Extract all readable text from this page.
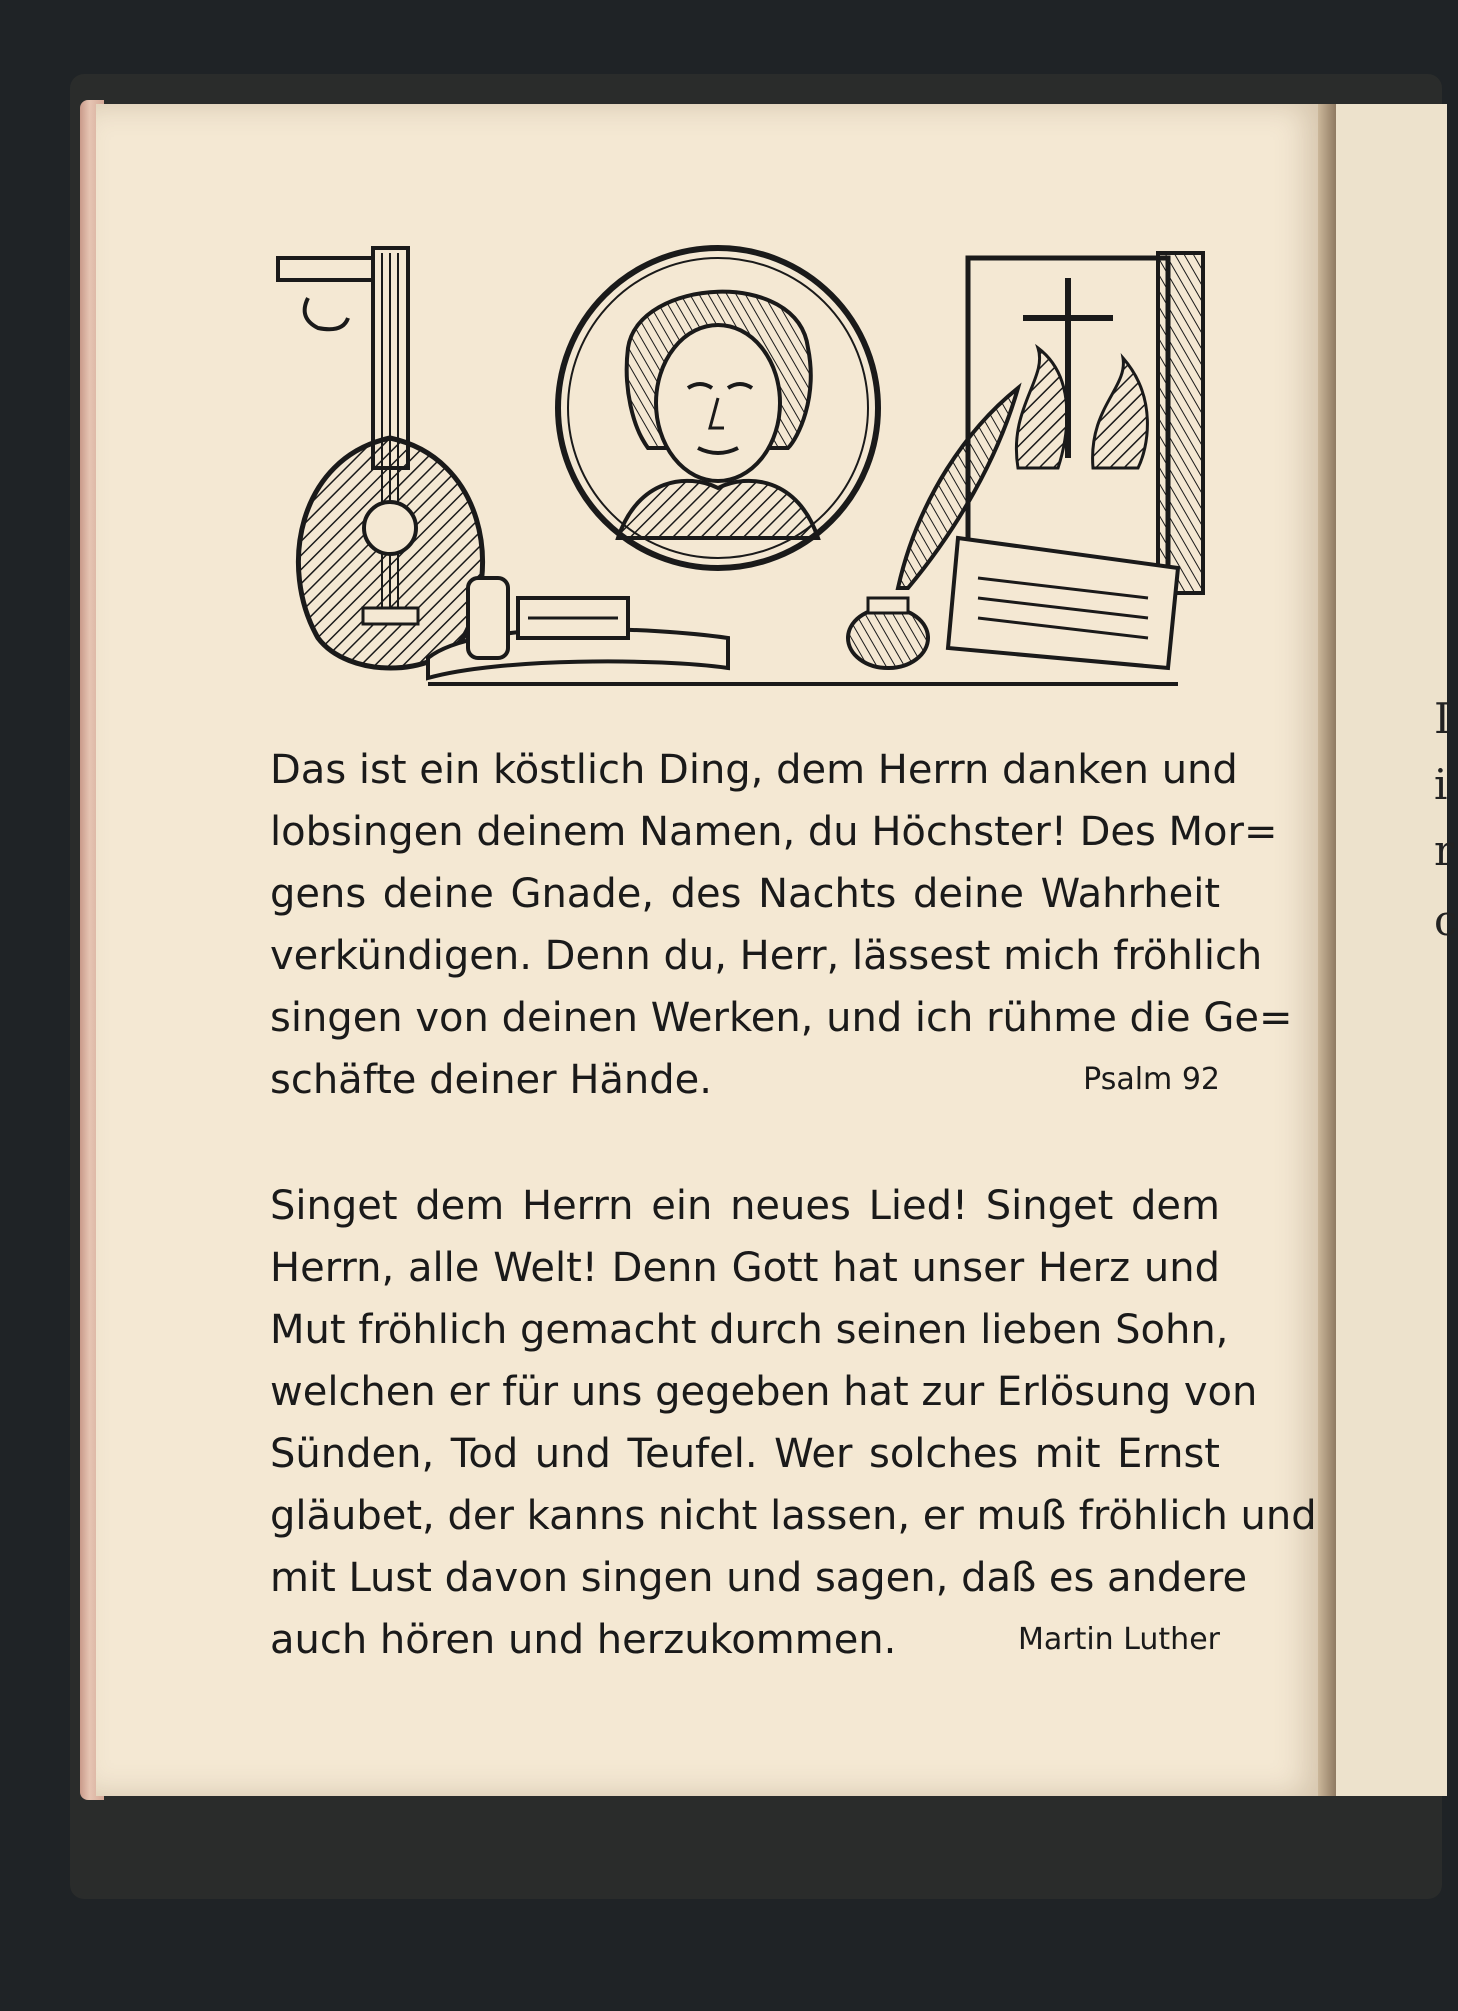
I
i
r
c
Das ist ein köstlich Ding, dem Herrn danken und
lobsingen deinem Namen, du Höchster! Des Mor=
gens deine Gnade, des Nachts deine Wahrheit
verkündigen. Denn du, Herr, lässest mich fröhlich
singen von deinen Werken, und ich rühme die Ge=
schäfte deiner Hände.	Psalm 92
Singet dem Herrn ein neues Lied! Singet dem
Herrn, alle Welt! Denn Gott hat unser Herz und
Mut fröhlich gemacht durch seinen lieben Sohn,
welchen er für uns gegeben hat zur Erlösung von
Sünden, Tod und Teufel. Wer solches mit Ernst
gläubet, der kanns nicht lassen, er muß fröhlich und
mit Lust davon singen und sagen, daß es andere
auch hören und herzukommen.	Martin Luther
